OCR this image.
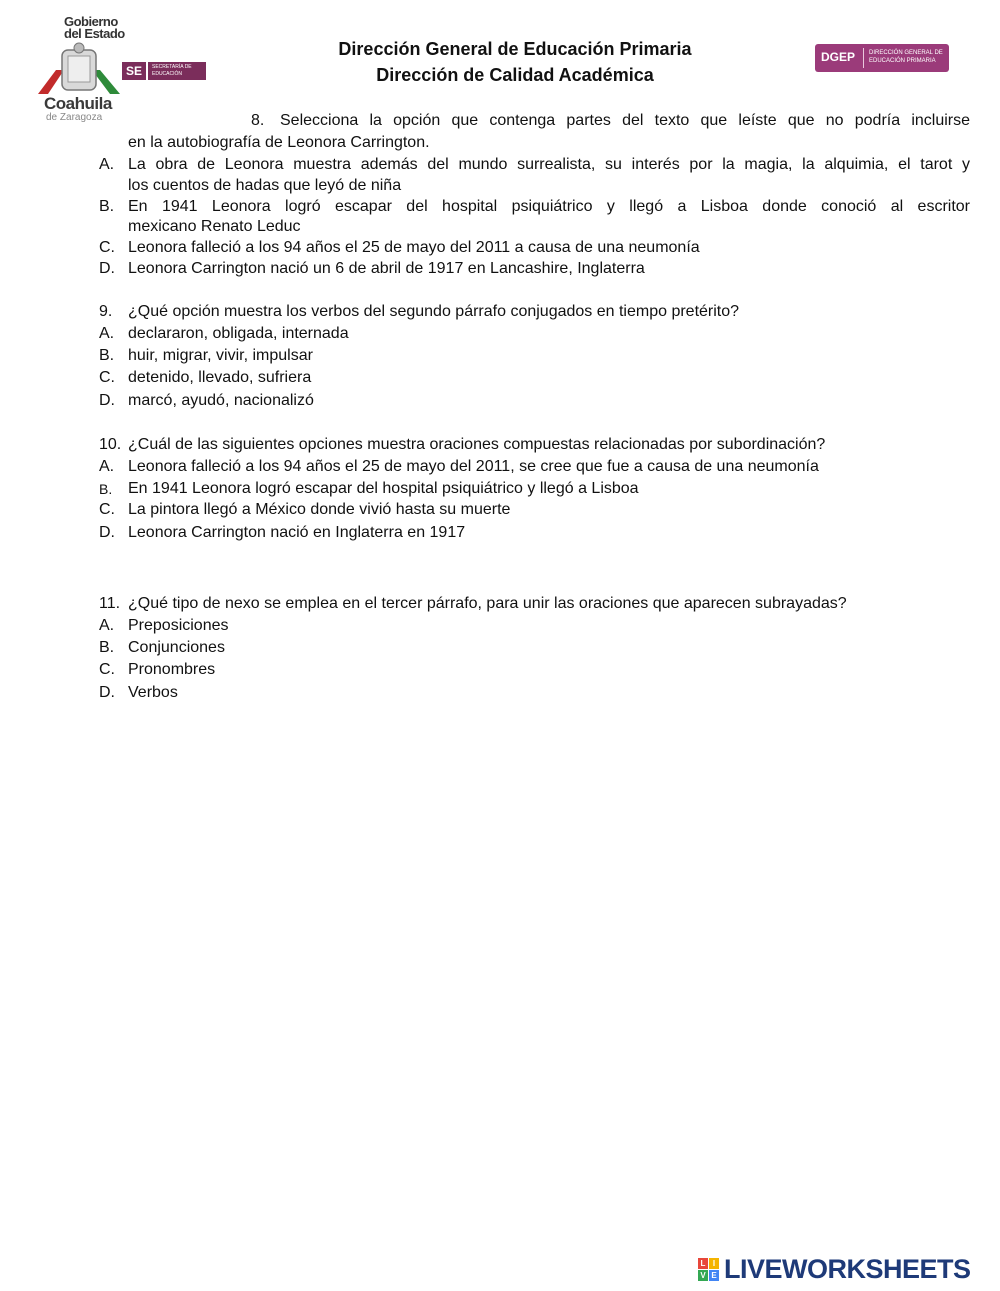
Gobierno
del Estado
Coahuila
de Zaragoza
SE	SECRETARÍA DE EDUCACIÓN
Dirección General de Educación Primaria
Dirección de Calidad Académica
DGEP DIRECCIÓN GENERAL DE EDUCACIÓN PRIMARIA
8. Selecciona la opción que contenga partes del texto que leíste que no podría incluirse
en la autobiografía de Leonora Carrington.
A. La obra de Leonora muestra además del mundo surrealista, su interés por la magia, la alquimia, el tarot y
los cuentos de hadas que leyó de niña
B. En 1941 Leonora logró escapar del hospital psiquiátrico y llegó a Lisboa donde conoció al escritor
mexicano Renato Leduc
C. Leonora falleció a los 94 años el 25 de mayo del 2011 a causa de una neumonía
D. Leonora Carrington nació un 6 de abril de 1917 en Lancashire, Inglaterra
9. ¿Qué opción muestra los verbos del segundo párrafo conjugados en tiempo pretérito?
A. declararon, obligada, internada
B. huir, migrar, vivir, impulsar
C. detenido, llevado, sufriera
D. marcó, ayudó, nacionalizó
10. ¿Cuál de las siguientes opciones muestra oraciones compuestas relacionadas por subordinación?
A. Leonora falleció a los 94 años el 25 de mayo del 2011, se cree que fue a causa de una neumonía
B. En 1941 Leonora logró escapar del hospital psiquiátrico y llegó a Lisboa
C. La pintora llegó a México donde vivió hasta su muerte
D. Leonora Carrington nació en Inglaterra en 1917
11. ¿Qué tipo de nexo se emplea en el tercer párrafo, para unir las oraciones que aparecen subrayadas?
A. Preposiciones
B. Conjunciones
C. Pronombres
D. Verbos
L I
V E LIVEWORKSHEETS
